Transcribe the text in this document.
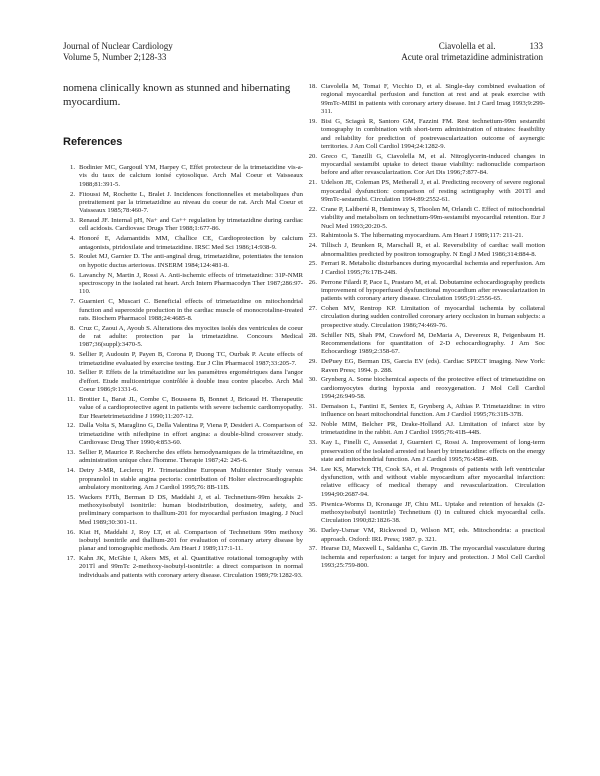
Journal of Nuclear Cardiology
Volume 5, Number 2;128-33
Ciavolella et al.	133
Acute oral trimetazidine administration

nomena clinically known as stunned and hibernating myocardium.

References
1. Bodinier MC, Gargouil YM, Harpey C, Effet protecteur de la trimetazidine vis-a-vis du taux de calcium ionisé cytosolique. Arch Mal Coeur et Vaisseaux 1988;81:391-5.
2. Fitoussi M, Rochette L, Bralet J. Incidences fonctionnelles et metaboliques d'un pretraitement par la trimetazidine au niveau du coeur de rat. Arch Mal Coeur et Vaisseaux 1985;78:460-7.
3. Renaud JF. Internal pH, Na+ and Ca++ regulation by trimetazidine during cardiac cell acidosis. Cardiovasc Drugs Ther 1988;1:677-86.
4. Honoré E, Adamantidis MM, Challice CE, Cardioprotection by calcium antagonists, piridoxilate and trimetazidine. IRSC Med Sci 1986;14:938-9.
5. Roulet MJ, Garnier D. The anti-anginal drug, trimetazidine, potentiates the tension on hypotic ductus arteriosus. INSERM 1984;124:481-8.
6. Lavanchy N, Martin J, Rossi A. Anti-ischemic effects of trimetazidine: 31P-NMR spectroscopy in the isolated rat heart. Arch Intern Pharmacodyn Ther 1987;286:97-110.
7. Guarnieri C, Muscari C. Beneficial effects of trimetazidine on mitochondrial function and superoxide production in the cardiac muscle of monocrotaline-treated rats. Biochem Pharmacol 1988;24:4685-8.
8. Cruz C, Zaoui A, Ayoub S. Alterations des myocites isolés des ventricules de coeur de rat adulte: protection par la trimetazidine. Concours Medical 1987;36(suppl):3470-5.
9. Sellier P, Audouin P, Payen B, Corona P, Duong TC, Ourbak P. Acute effects of trimetazidine evaluated by exercise testing. Eur J Clin Pharmacol 1987;33:205-7.
10. Sellier P. Effets de la trimétazidine sur les paramètres ergométriques dans l'angor d'effort. Etude multicentrique contrôlée à double insu contre placebo. Arch Mal Coeur 1986;9:1331-6.
11. Brottier L, Barat JL, Combe C, Boussens B, Bonnet J, Bricaud H. Therapeutic value of a cardioprotective agent in patients with severe ischemic cardiomyopathy. Eur Heartetrimetazidine J 1990;11:207-12.
12. Dalla Volta S, Maraglino G, Della Valentina P, Viena P, Desideri A. Comparison of trimetazidine with nifedipine in effort angina: a double-blind crossover study. Cardiovasc Drug Ther 1990;4:853-60.
13. Sellier P, Maurice P. Recherche des effets hemodynamiques de la trimétazidine, en administration unique chez l'homme. Therapie 1987;42: 245-6.
14. Detry J-MR, Leclercq PJ. Trimetazidine European Multicenter Study versus propranolol in stable angina pectoris: contribution of Holter electrocardiographic ambulatory monitoring. Am J Cardiol 1995;76: 8B-11B.
15. Wackers FJTh, Berman D DS, Maddahi J, et al. Technetium-99m hexakis 2-methoxyisobutyl isonitrile: human biodistribution, dosimetry, safety, and preliminary comparison to thallium-201 for myocardial perfusion imaging. J Nucl Med 1989;30:301-11.
16. Kiat H, Maddahi J, Roy LT, et al. Comparison of Technetium 99m methoxy isobutyl isonitrile and thallium-201 for evaluation of coronary artery disease by planar and tomographic methods. Am Heart J 1989;117:1-11.
17. Kahn JK, McGhie I, Akers MS, et al. Quantitative rotational tomography with 201Tl and 99mTc 2-methoxy-isobutyl-isonitrile: a direct comparison in normal individuals and patients with coronary artery disease. Circulation 1989;79:1282-93.
18. Ciavolella M, Tomai F, Vicchio D, et al. Single-day combined evaluation of regional myocardial perfusion and function at rest and at peak exercise with 99mTc-MIBI in patients with coronary artery disease. Int J Card Imag 1993;9:299-311.
19. Bisi G, Sciagrà R, Santoro GM, Fazzini FM. Rest technetium-99m sestamibi tomography in combination with short-term administration of nitrates: feasibility and reliability for prediction of postrevascularization outcome of asynergic territories. J Am Coll Cardiol 1994;24:1282-9.
20. Greco C, Tanzilli G, Ciavolella M, et al. Nitroglycerin-induced changes in myocardial sestamibi uptake to detect tissue viability: radionuclide comparison before and after revascularization. Cor Art Dis 1996;7:877-84.
21. Udelson JE, Coleman PS, Metherall J, et al. Predicting recovery of severe regional myocardial dysfunction: comparison of resting scintigraphy with 201Tl and 99mTc-sestamibi. Circulation 1994:89:2552-61.
22. Crane P, Laliberté R, Heminway S, Thoolen M, Orlandi C. Effect of mitochondrial viability and metabolism on technetium-99m-sestamibi myocardial retention. Eur J Nucl Med 1993;20:20-5.
23. Rahimtoola S. The hibernating myocardium. Am Heart J 1989;117: 211-21.
24. Tillisch J, Brunken R, Marschall R, et al. Reversibility of cardiac wall motion abnormalities predicted by positron tomography. N Engl J Med 1986;314:884-8.
25. Ferrari R. Metabolic disturbances during myocardial ischemia and reperfusion. Am J Cardiol 1995;76:17B-24B.
26. Perrone Filardi P, Pace L, Prastaro M, et al. Dobutamine echocardiography predicts improvement of hypoperfused dysfunctional myocardium after revascularization in patients with coronary artery disease. Circulation 1995;91:2556-65.
27. Cohen MV, Rentrop KP. Limitation of myocardial ischemia by collateral circulation during sudden controlled coronary artery occlusion in human subjects: a prospective study. Circulation 1986;74:469-76.
28. Schiller NB, Shah PM, Crawford M, DeMaria A, Devereux R, Feigenbaum H. Recommendations for quantitation of 2-D echocardiography. J Am Soc Echocardiogr 1989;2:358-67.
29. DePuey EG, Berman DS, Garcia EV (eds). Cardiac SPECT imaging. New York: Raven Press; 1994. p. 288.
30. Grynberg A. Some biochemical aspects of the protective effect of trimetazidine on cardiomyocytes during hypoxia and reoxygenation. J Mol Cell Cardiol 1994;26:949-58.
31. Demaison L, Fantini E, Sentex E, Grynberg A, Athias P. Trimetazidine: in vitro influence on heart mitochondrial function. Am J Cardiol 1995;76:31B-37B.
32. Noble MIM, Belcher PR, Drake-Holland AJ. Limitation of infarct size by trimetazidine in the rabbit. Am J Cardiol 1995;76:41B-44B.
33. Kay L, Finelli C, Aussedat J, Guarnieri C, Rossi A. Improvement of long-term preservation of the isolated arrested rat heart by trimetazidine: effects on the energy state and mitochondrial function. Am J Cardiol 1995;76:45B-49B.
34. Lee KS, Marwick TH, Cook SA, et al. Prognosis of patients with left ventricular dysfunction, with and without viable myocardium after myocardial infarction: relative efficacy of medical therapy and revascularization. Circulation 1994;90:2687-94.
35. Piwnica-Worms D, Kronauge JF, Chiu ML. Uptake and retention of hexakis (2-methoxyisobutyl isonitrile) Technetium (I) in cultured chick myocardial cells. Circulation 1990;82:1826-38.
36. Darley-Usmar VM, Rickwood D, Wilson MT, eds. Mitochondria: a practical approach. Oxford: IRL Press; 1987. p. 321.
37. Hearse DJ, Maxwell L, Saldanha C, Gavin JB. The myocardial vasculature during ischemia and reperfusion: a target for injury and protection. J Mol Cell Cardiol 1993;25:759-800.
